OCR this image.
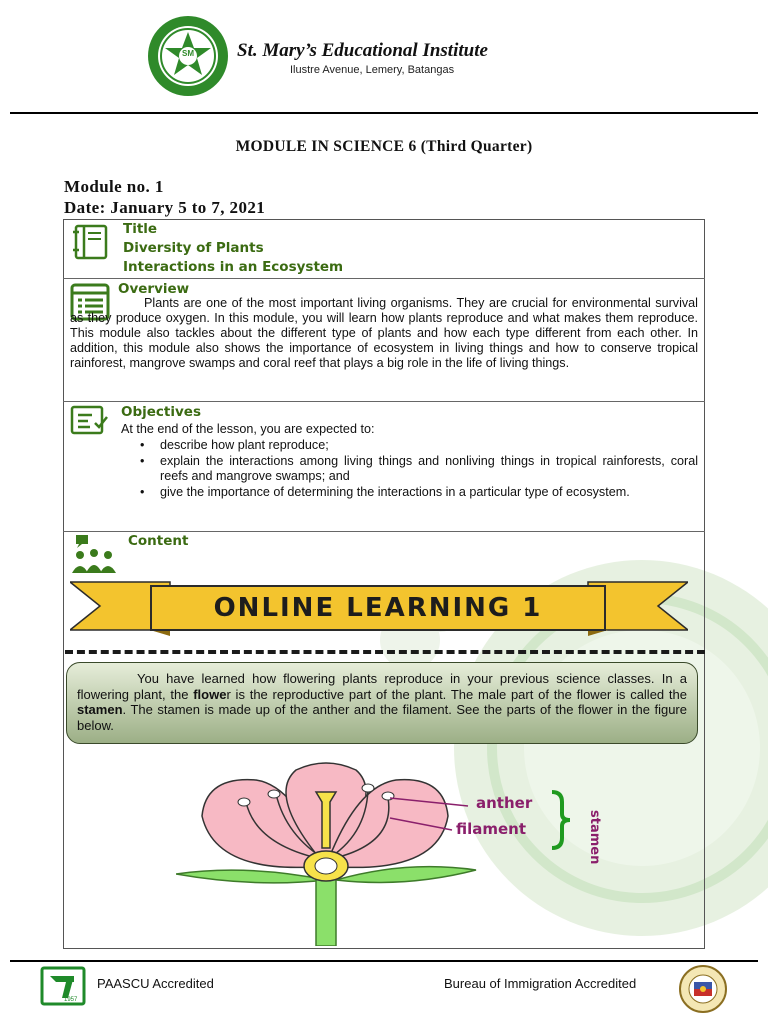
SM St. Mary’s Educational Institute
Ilustre Avenue, Lemery, Batangas
MODULE IN SCIENCE 6 (Third Quarter)
Module no. 1
Date: January 5 to 7, 2021
Title
Diversity of Plants
Interactions in an Ecosystem
Overview
Plants are one of the most important living organisms. They are crucial for environmental survival as they produce oxygen. In this module, you will learn how plants reproduce and what makes them reproduce. This module also tackles about the different type of plants and how each type different from each other. In addition, this module also shows the importance of ecosystem in living things and how to conserve tropical rainforest, mangrove swamps and coral reef that plays a big role in the life of living things.
Objectives
At the end of the lesson, you are expected to:
• describe how plant reproduce;
• explain the interactions among living things and nonliving things in tropical rainforests, coral reefs and mangrove swamps; and
• give the importance of determining the interactions in a particular type of ecosystem.
Content
ONLINE LEARNING 1
You have learned how flowering plants reproduce in your previous science classes. In a flowering plant, the flower is the reproductive part of the plant. The male part of the flower is called the stamen. The stamen is made up of the anther and the filament. See the parts of the flower in the figure below.
anther
filament	stamen
1957
PAASCU Accredited	Bureau of Immigration Accredited
